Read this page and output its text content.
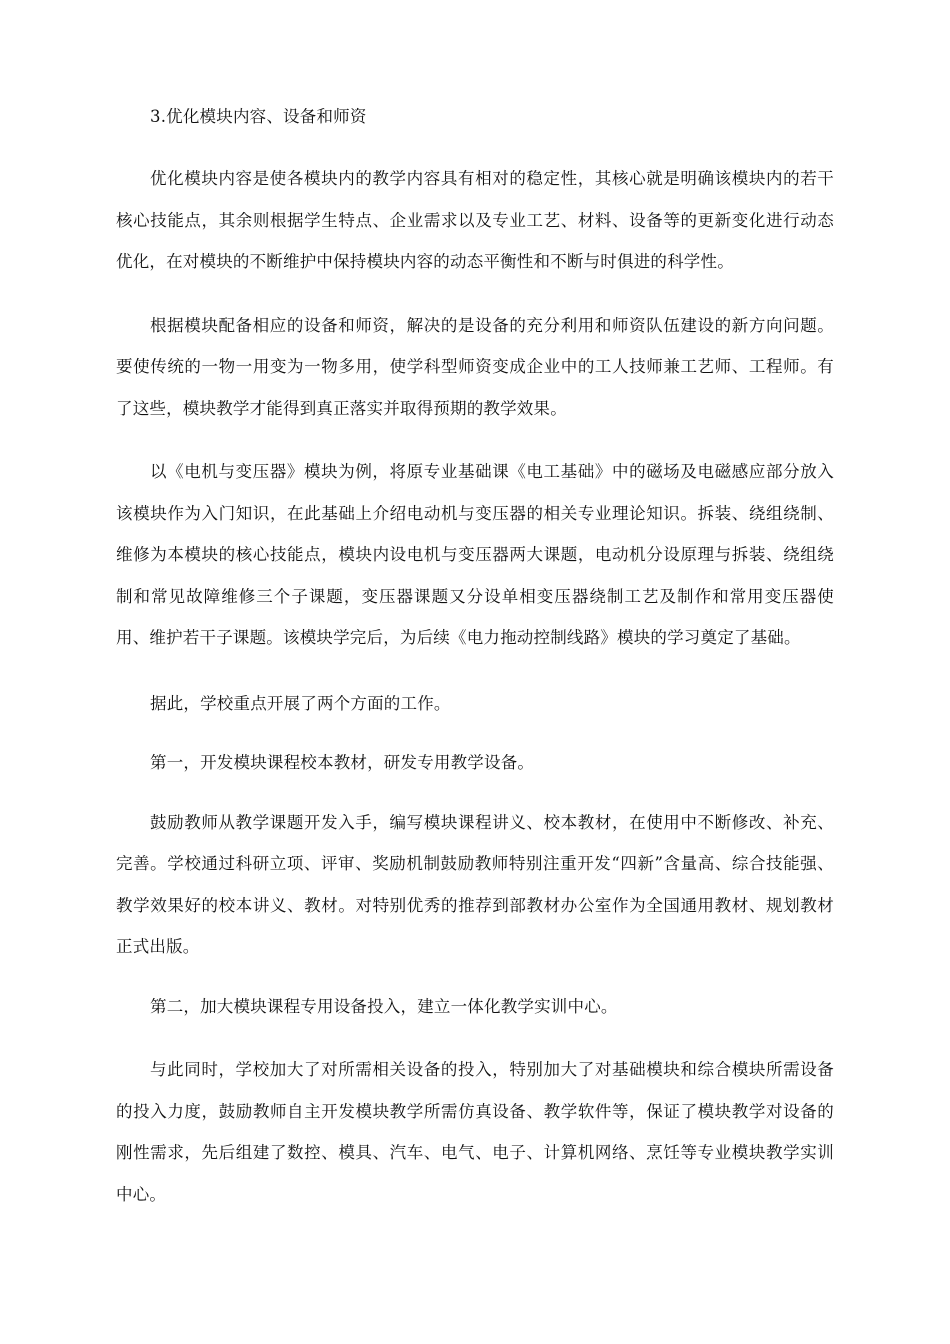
3.优化模块内容、设备和师资

优化模块内容是使各模块内的教学内容具有相对的稳定性，其核心就是明确该模块内的若干核心技能点，其余则根据学生特点、企业需求以及专业工艺、材料、设备等的更新变化进行动态优化，在对模块的不断维护中保持模块内容的动态平衡性和不断与时俱进的科学性。

根据模块配备相应的设备和师资，解决的是设备的充分利用和师资队伍建设的新方向问题。要使传统的一物一用变为一物多用，使学科型师资变成企业中的工人技师兼工艺师、工程师。有了这些，模块教学才能得到真正落实并取得预期的教学效果。

以《电机与变压器》模块为例，将原专业基础课《电工基础》中的磁场及电磁感应部分放入该模块作为入门知识，在此基础上介绍电动机与变压器的相关专业理论知识。拆装、绕组绕制、维修为本模块的核心技能点，模块内设电机与变压器两大课题，电动机分设原理与拆装、绕组绕制和常见故障维修三个子课题，变压器课题又分设单相变压器绕制工艺及制作和常用变压器使用、维护若干子课题。该模块学完后，为后续《电力拖动控制线路》模块的学习奠定了基础。

据此，学校重点开展了两个方面的工作。

第一，开发模块课程校本教材，研发专用教学设备。

鼓励教师从教学课题开发入手，编写模块课程讲义、校本教材，在使用中不断修改、补充、完善。学校通过科研立项、评审、奖励机制鼓励教师特别注重开发“四新”含量高、综合技能强、教学效果好的校本讲义、教材。对特别优秀的推荐到部教材办公室作为全国通用教材、规划教材正式出版。

第二，加大模块课程专用设备投入，建立一体化教学实训中心。

与此同时，学校加大了对所需相关设备的投入，特别加大了对基础模块和综合模块所需设备的投入力度，鼓励教师自主开发模块教学所需仿真设备、教学软件等，保证了模块教学对设备的刚性需求，先后组建了数控、模具、汽车、电气、电子、计算机网络、烹饪等专业模块教学实训中心。
